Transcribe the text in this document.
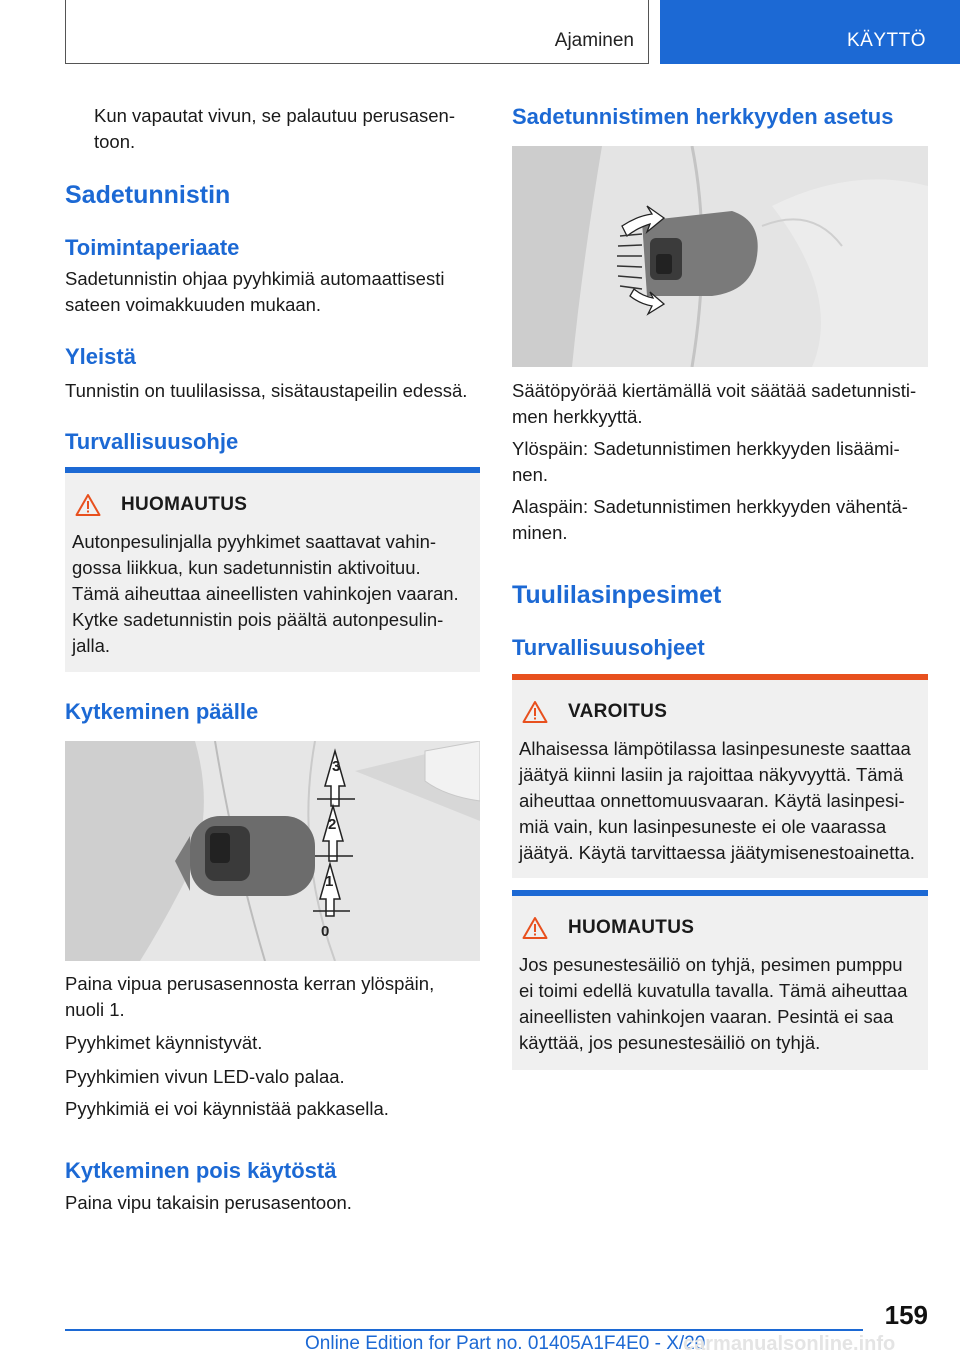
Ajaminen	KÄYTTÖ

Kun vapautat vivun, se palautuu perusasen‐ toon.

Sadetunnistin
Toimintaperiaate

Sadetunnistin ohjaa pyyhkimiä automaattisesti sateen voimakkuuden mukaan.

Yleistä

Tunnistin on tuulilasissa, sisätaustapeilin edessä.

Turvallisuusohje
HUOMAUTUS
Autonpesulinjalla pyyhkimet saattavat vahin‐ gossa liikkua, kun sadetunnistin aktivoituu. Tämä aiheuttaa aineellisten vahinkojen vaaran. Kytke sadetunnistin pois päältä autonpesulin‐ jalla.
Kytkeminen päälle
3
2
1
0

Paina vipua perusasennosta kerran ylöspäin, nuoli 1.

Pyyhkimet käynnistyvät.

Pyyhkimien vivun LED-valo palaa.

Pyyhkimiä ei voi käynnistää pakkasella.

Kytkeminen pois käytöstä

Paina vipu takaisin perusasentoon.

Sadetunnistimen herkkyyden asetus

Säätöpyörää kiertämällä voit säätää sadetunnisti‐ men herkkyyttä.

Ylöspäin: Sadetunnistimen herkkyyden lisäämi‐ nen.

Alaspäin: Sadetunnistimen herkkyyden vähentä‐ minen.

Tuulilasinpesimet
Turvallisuusohjeet
VAROITUS
Alhaisessa lämpötilassa lasinpesuneste saattaa jäätyä kiinni lasiin ja rajoittaa näkyvyyttä. Tämä aiheuttaa onnettomuusvaaran. Käytä lasinpesi‐ miä vain, kun lasinpesuneste ei ole vaarassa jäätyä. Käytä tarvittaessa jäätymisenestoainetta.
HUOMAUTUS
Jos pesunestesäiliö on tyhjä, pesimen pumppu ei toimi edellä kuvatulla tavalla. Tämä aiheuttaa aineellisten vahinkojen vaaran. Pesintä ei saa käyttää, jos pesunestesäiliö on tyhjä.
159
Online Edition for Part no. 01405A1F4E0 - X/20
carmanualsonline.info
